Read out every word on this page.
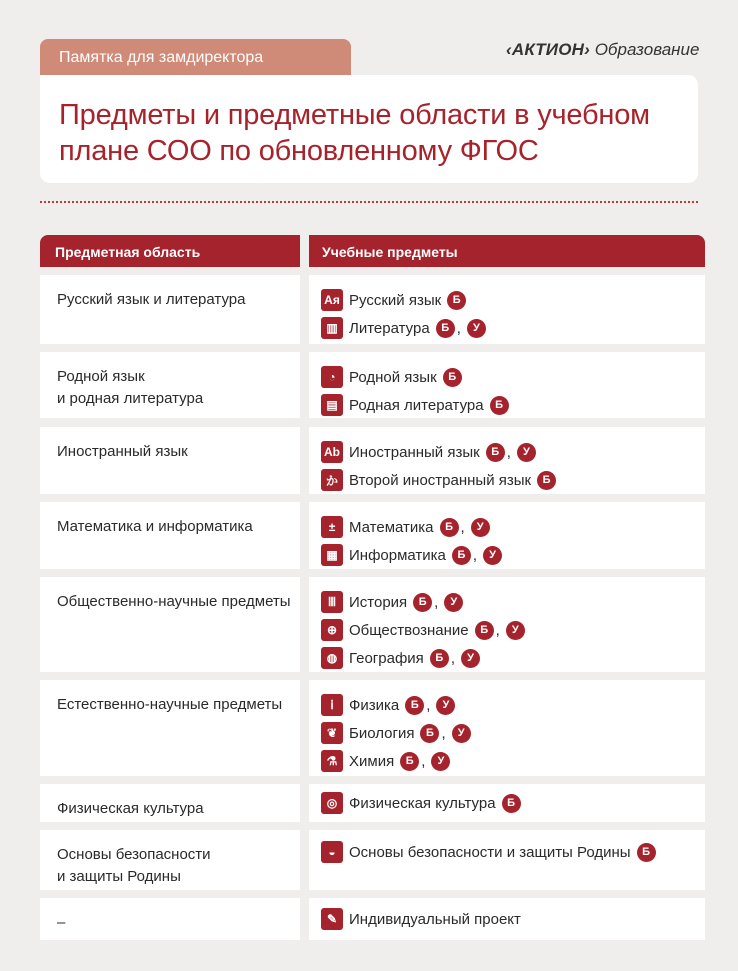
Памятка для замдиректора	‹АКТИОН› Образование
Предметы и предметные области в учебном
плане СОО по обновленному ФГОС
Предметная область	Учебные предметы
Русский язык и литература	Ая Русский язык	Б
▥ Литература	Б ,	У
Родной язык
и родная литература
◔ Родной язык	Б
▤ Родная литература	Б
Иностранный язык	Ab Иностранный язык	Б ,	У
か Второй иностранный язык	Б
Математика и информатика	± Математика	Б ,	У
▦ Информатика	Б ,	У
Общественно-научные предметы	Ⅲ История	Б ,	У
⊕ Обществознание	Б ,	У
◍ География	Б ,	У
Естественно-научные предметы	ⅰ	Физика	Б ,	У
❦ Биология	Б ,	У
⚗ Химия	Б ,	У
Физическая культура	◎ Физическая культура	Б
Основы безопасности
и защиты Родины
◒ Основы безопасности и защиты Родины	Б
–	✎ Индивидуальный проект
